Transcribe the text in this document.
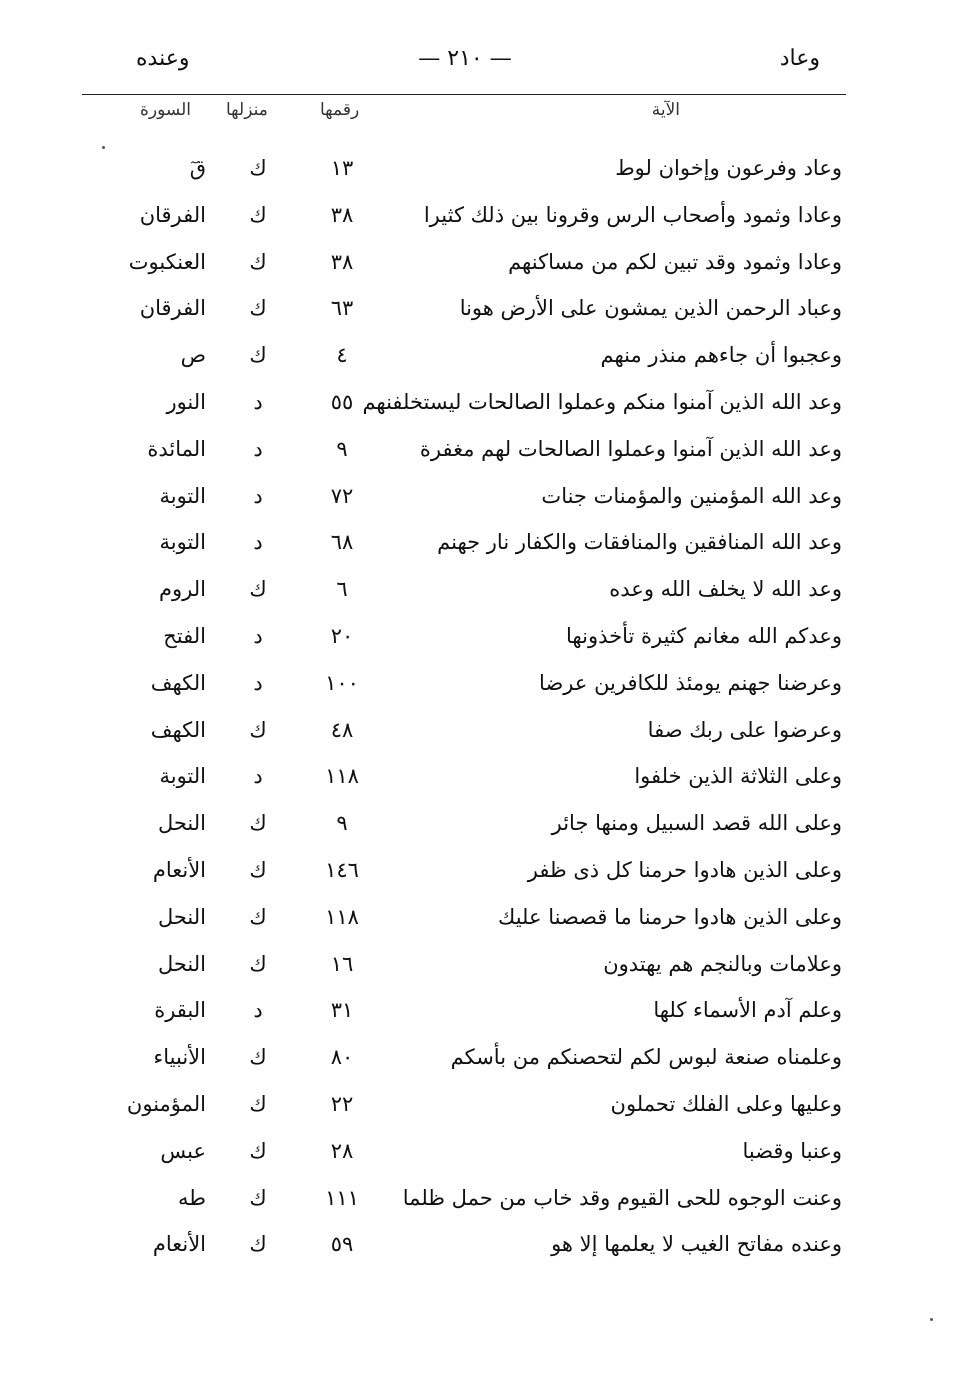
وعاد
— ٢١٠ —
وعنده
الآية
رقمها
منزلها
السورة
وعاد وفرعون وإخوان لوط
١٣
ك
قٓ
وعادا وثمود وأصحاب الرس وقرونا بين ذلك كثيرا
٣٨
ك
الفرقان
وعادا وثمود وقد تبين لكم من مساكنهم
٣٨
ك
العنكبوت
وعباد الرحمن الذين يمشون على الأرض هونا
٦٣
ك
الفرقان
وعجبوا أن جاءهم منذر منهم
٤
ك
ص
وعد الله الذين آمنوا منكم وعملوا الصالحات ليستخلفنهم
٥٥
د
النور
وعد الله الذين آمنوا وعملوا الصالحات لهم مغفرة
٩
د
المائدة
وعد الله المؤمنين والمؤمنات جنات
٧٢
د
التوبة
وعد الله المنافقين والمنافقات والكفار نار جهنم
٦٨
د
التوبة
وعد الله لا يخلف الله وعده
٦
ك
الروم
وعدكم الله مغانم كثيرة تأخذونها
٢٠
د
الفتح
وعرضنا جهنم يومئذ للكافرين عرضا
١٠٠
د
الكهف
وعرضوا على ربك صفا
٤٨
ك
الكهف
وعلى الثلاثة الذين خلفوا
١١٨
د
التوبة
وعلى الله قصد السبيل ومنها جائر
٩
ك
النحل
وعلى الذين هادوا حرمنا كل ذى ظفر
١٤٦
ك
الأنعام
وعلى الذين هادوا حرمنا ما قصصنا عليك
١١٨
ك
النحل
وعلامات وبالنجم هم يهتدون
١٦
ك
النحل
وعلم آدم الأسماء كلها
٣١
د
البقرة
وعلمناه صنعة لبوس لكم لتحصنكم من بأسكم
٨٠
ك
الأنبياء
وعليها وعلى الفلك تحملون
٢٢
ك
المؤمنون
وعنبا وقضبا
٢٨
ك
عبس
وعنت الوجوه للحى القيوم وقد خاب من حمل ظلما
١١١
ك
طه
وعنده مفاتح الغيب لا يعلمها إلا هو
٥٩
ك
الأنعام
